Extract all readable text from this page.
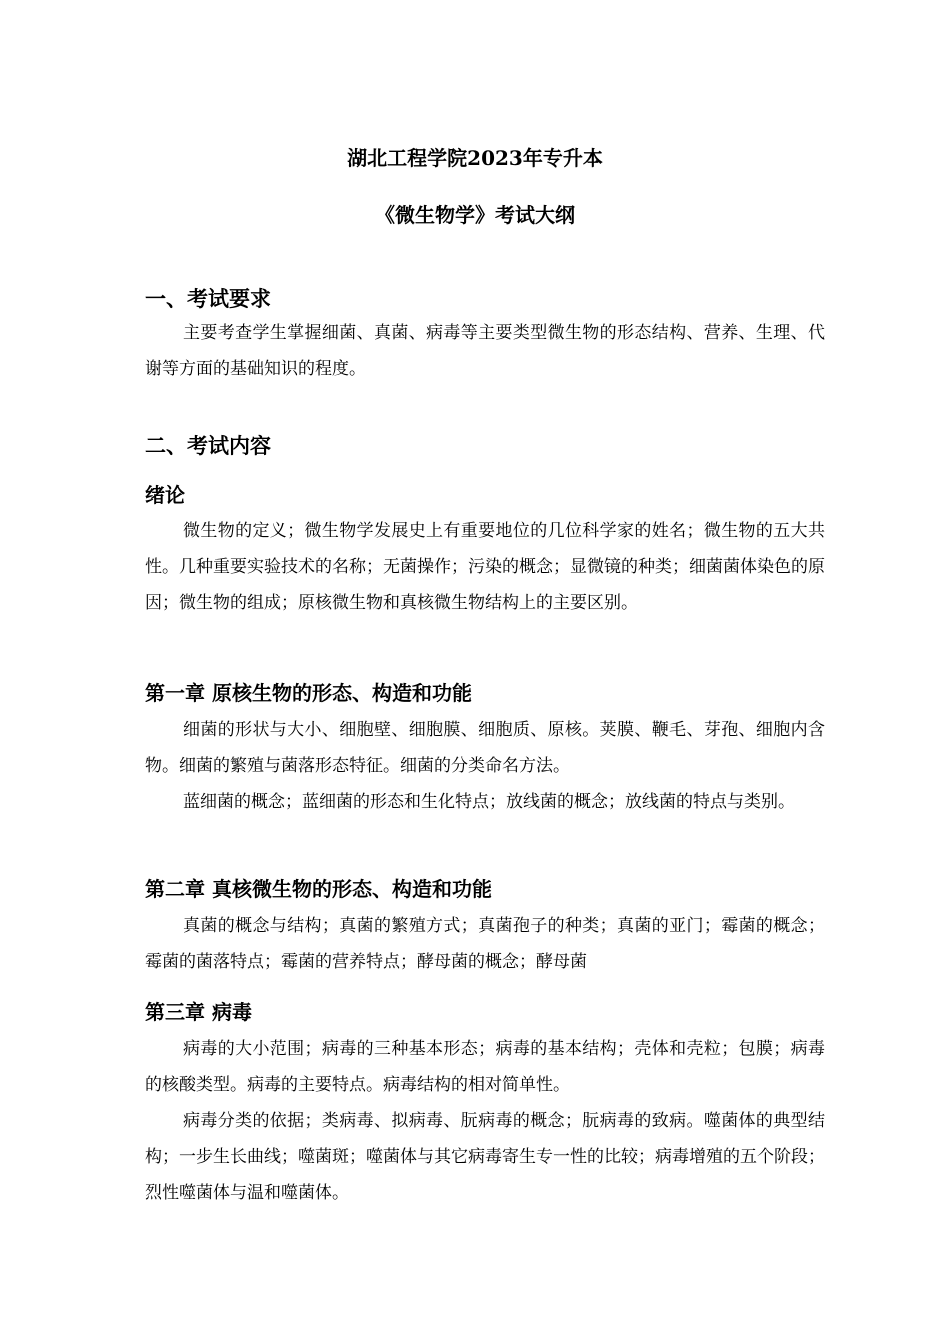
湖北工程学院2023年专升本
《微生物学》考试大纲
一、考试要求

主要考查学生掌握细菌、真菌、病毒等主要类型微生物的形态结构、营养、生理、代谢等方面的基础知识的程度。

二、考试内容
绪论

微生物的定义；微生物学发展史上有重要地位的几位科学家的姓名；微生物的五大共性。几种重要实验技术的名称；无菌操作；污染的概念；显微镜的种类；细菌菌体染色的原因；微生物的组成；原核微生物和真核微生物结构上的主要区别。

第一章 原核生物的形态、构造和功能

细菌的形状与大小、细胞壁、细胞膜、细胞质、原核。荚膜、鞭毛、芽孢、细胞内含物。细菌的繁殖与菌落形态特征。细菌的分类命名方法。

蓝细菌的概念；蓝细菌的形态和生化特点；放线菌的概念；放线菌的特点与类别。

第二章 真核微生物的形态、构造和功能

真菌的概念与结构；真菌的繁殖方式；真菌孢子的种类；真菌的亚门；霉菌的概念；霉菌的菌落特点；霉菌的营养特点；酵母菌的概念；酵母菌

第三章 病毒

病毒的大小范围；病毒的三种基本形态；病毒的基本结构；壳体和壳粒；包膜；病毒的核酸类型。病毒的主要特点。病毒结构的相对简单性。

病毒分类的依据；类病毒、拟病毒、朊病毒的概念；朊病毒的致病。噬菌体的典型结构；一步生长曲线；噬菌斑；噬菌体与其它病毒寄生专一性的比较；病毒增殖的五个阶段；烈性噬菌体与温和噬菌体。
